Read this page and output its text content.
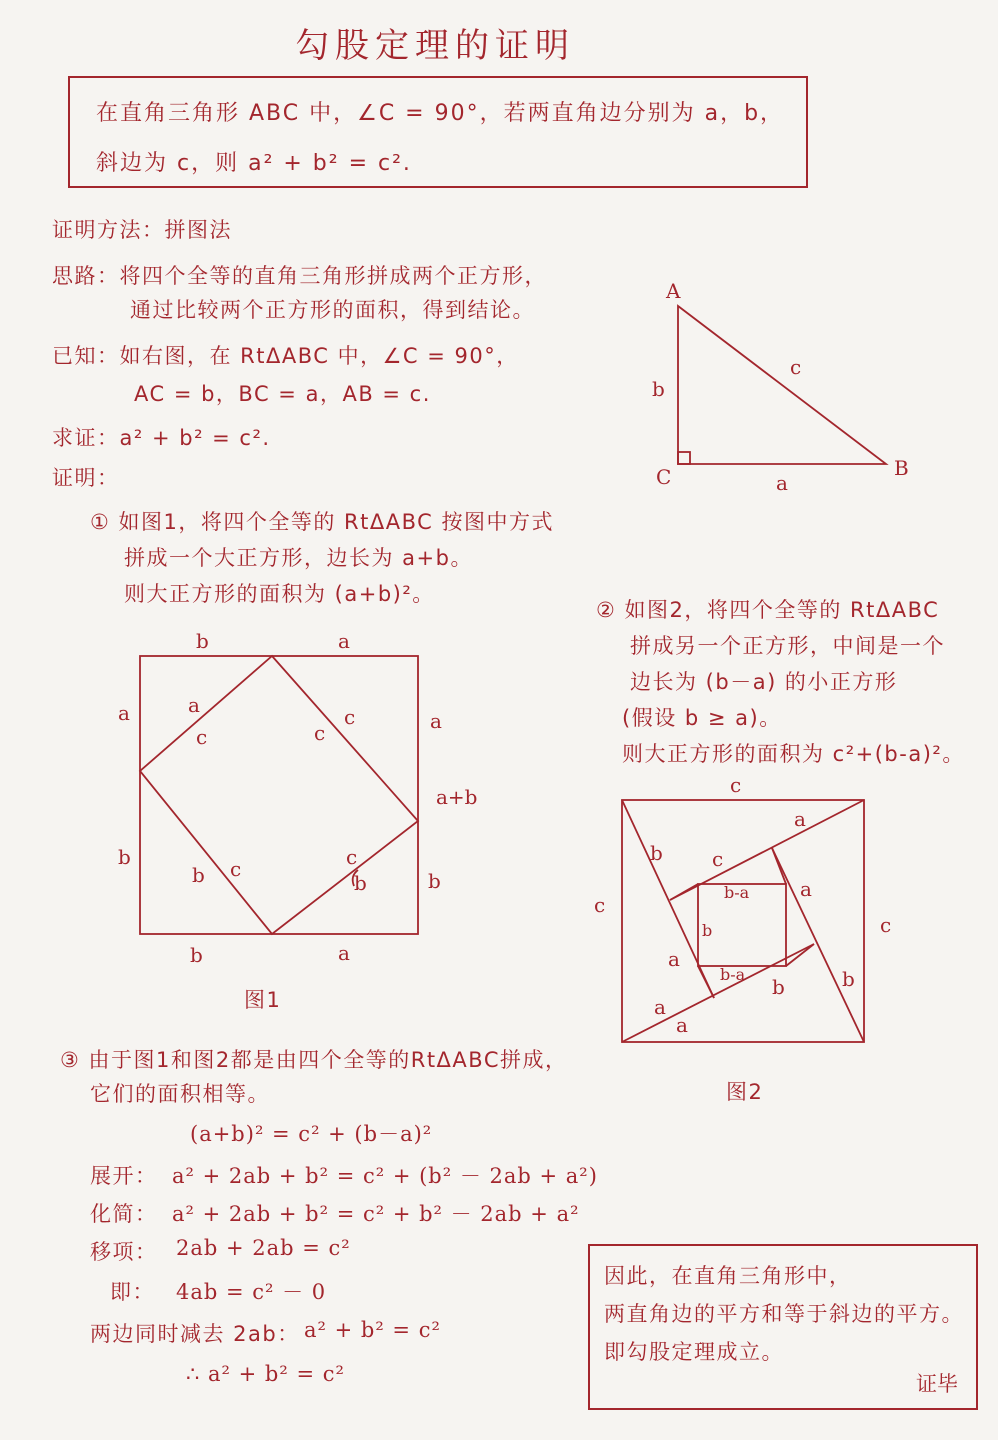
勾股定理的证明
在直角三角形 ABC 中，∠C = 90°，若两直角边分别为 a，b，
斜边为 c，则 a² + b² = c².
证明方法：拼图法
思路：将四个全等的直角三角形拼成两个正方形，
通过比较两个正方形的面积，得到结论。
已知：如右图，在 RtΔABC 中，∠C = 90°，
AC = b，BC = a，AB = c.
求证：a² + b² = c².
证明：
① 如图1，将四个全等的 RtΔABC 按图中方式
拼成一个大正方形，边长为 a+b。
则大正方形的面积为 (a+b)²。
② 如图2，将四个全等的 RtΔABC
拼成另一个正方形，中间是一个
边长为 (b－a) 的小正方形
(假设 b ≥ a)。
则大正方形的面积为 c²+(b-a)²。
A
B
C	a
b
c
b	a
a
b
a
a+b
b
b	a
a
c
c
c
b c	c
b
图1
c
c
c
a
b c
b-a
b-a
a
b
a
b	b
a
a
图2
③ 由于图1和图2都是由四个全等的RtΔABC拼成，
它们的面积相等。
(a+b)² = c² + (b－a)²
展开： a² + 2ab + b² = c² + (b² － 2ab + a²)
化简： a² + 2ab + b² = c² + b² － 2ab + a²
移项： 2ab + 2ab = c²
即： 4ab = c² － 0
两边同时减去 2ab： a² + b² = c²
∴ a² + b² = c²
因此，在直角三角形中，
两直角边的平方和等于斜边的平方。
即勾股定理成立。
证毕
